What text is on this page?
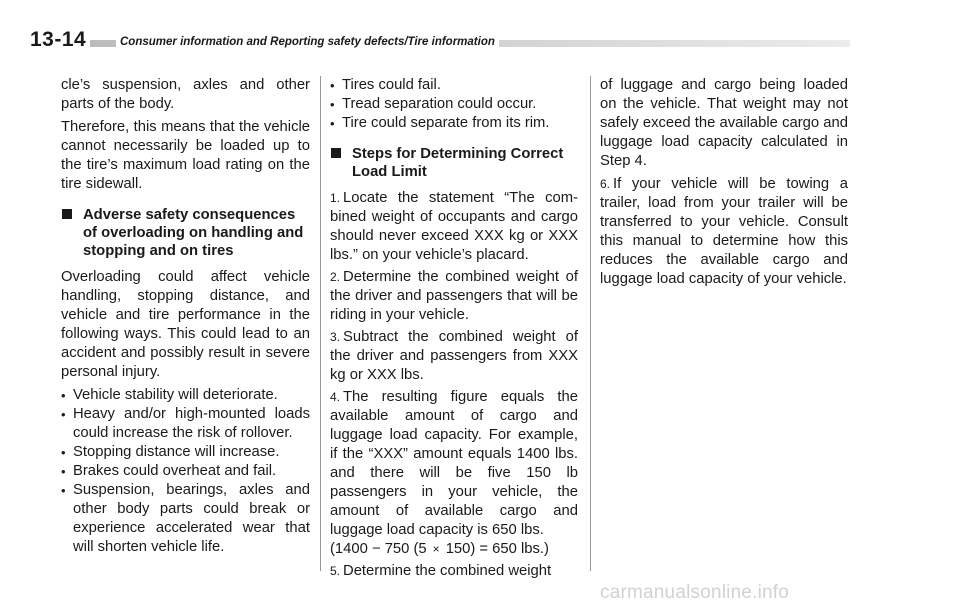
13-14	Consumer information and Reporting safety defects/Tire information

cle’s suspension, axles and other parts of the body.

Therefore, this means that the vehicle cannot necessarily be loaded up to the tire’s maximum load rating on the tire sidewall.

Adverse safety consequences of overloading on handling and stopping and on tires

Overloading could affect vehicle handling, stopping distance, and vehicle and tire performance in the following ways. This could lead to an accident and possibly result in severe personal injury.

• Vehicle stability will deteriorate.
• Heavy and/or high-mounted loads could increase the risk of rollover.
• Stopping distance will increase.
• Brakes could overheat and fail.
• Suspension, bearings, axles and other body parts could break or experience accelerated wear that will shorten vehicle life.
• Tires could fail.
• Tread separation could occur.
• Tire could separate from its rim.
Steps for Determining Correct Load Limit

1. Locate the statement “The combined weight of occupants and cargo should never exceed XXX kg or XXX lbs.” on your vehicle’s placard.

2. Determine the combined weight of the driver and passengers that will be riding in your vehicle.

3. Subtract the combined weight of the driver and passengers from XXX kg or XXX lbs.

4. The resulting figure equals the available amount of cargo and luggage load capacity. For example, if the “XXX” amount equals 1400 lbs. and there will be five 150 lb passengers in your vehicle, the amount of available cargo and luggage load capacity is 650 lbs.

(1400 − 750 (5 × 150) = 650 lbs.)

5. Determine the combined weight

of luggage and cargo being loaded on the vehicle. That weight may not safely exceed the available cargo and luggage load capacity calculated in Step 4.

6. If your vehicle will be towing a trailer, load from your trailer will be transferred to your vehicle. Consult this manual to determine how this reduces the available cargo and luggage load capacity of your vehicle.

carmanualsonline.info
